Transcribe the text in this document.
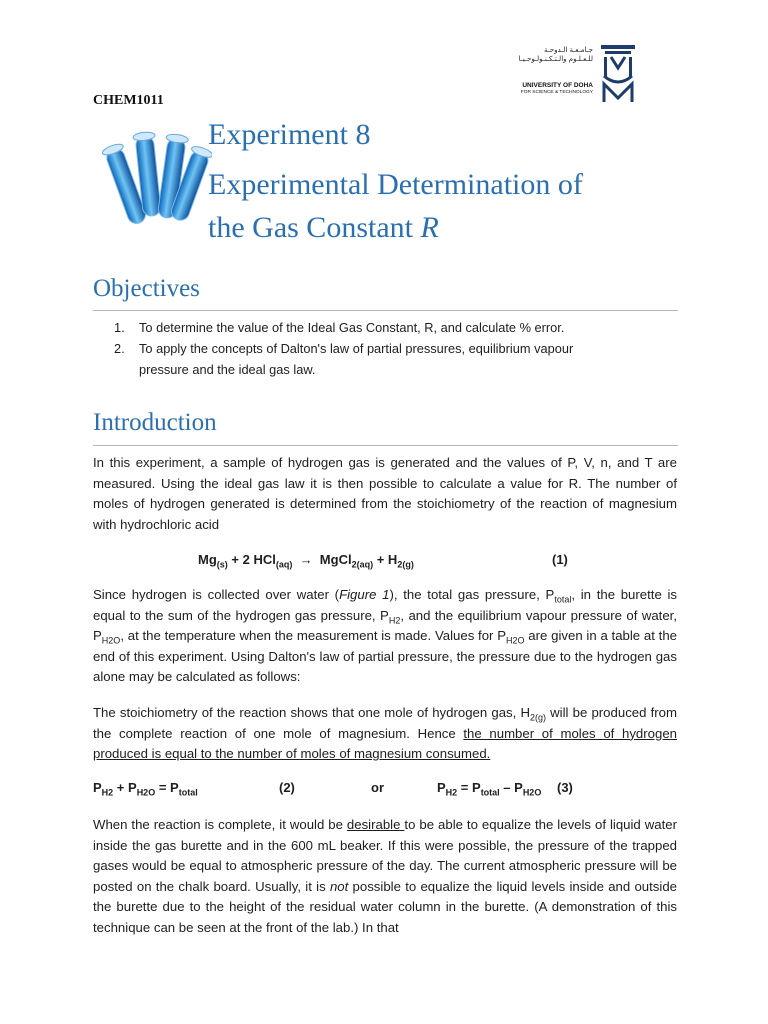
CHEM1011
جـامـعـة الـدوحـة
للـعـلـوم والـتـكـنـولـوجـيـا
UNIVERSITY OF DOHA
FOR SCIENCE & TECHNOLOGY
Experiment 8
Experimental Determination of
the Gas Constant R
Objectives
1. To determine the value of the Ideal Gas Constant, R, and calculate % error.
2. To apply the concepts of Dalton's law of partial pressures, equilibrium vapour
pressure and the ideal gas law.
Introduction
In this experiment, a sample of hydrogen gas is generated and the values of P, V, n, and T are measured. Using the ideal gas law it is then possible to calculate a value for R. The number of moles of hydrogen generated is determined from the stoichiometry of the reaction of magnesium with hydrochloric acid
$Mg_{(s)} + 2$ HCl$_{(aq)}$ → MgCl$_{2(aq)}$ + $H_{2(g)}$	(1)
Since hydrogen is collected over water (Figure 1), the total gas pressure, $P_{total}$, in the burette is equal to the sum of the hydrogen gas pressure, $P_{H2}$, and the equilibrium vapour pressure of water, $P_{H2O}$, at the temperature when the measurement is made. Values for $P_{H2O}$ are given in a table at the end of this experiment. Using Dalton's law of partial pressure, the pressure due to the hydrogen gas alone may be calculated as follows:
The stoichiometry of the reaction shows that one mole of hydrogen gas, $H_{2(g)}$ will be produced from the complete reaction of one mole of magnesium. Hence the number of moles of hydrogen produced is equal to the number of moles of magnesium consumed.
$P_{H2} + P_{H2O} = P_{total}$	(2)	or	$P_{H2} = P_{total} - P_{H2O}$ (3)
When the reaction is complete, it would be desirable to be able to equalize the levels of liquid water inside the gas burette and in the 600 mL beaker. If this were possible, the pressure of the trapped gases would be equal to atmospheric pressure of the day. The current atmospheric pressure will be posted on the chalk board. Usually, it is not possible to equalize the liquid levels inside and outside the burette due to the height of the residual water column in the burette. (A demonstration of this technique can be seen at the front of the lab.) In that
